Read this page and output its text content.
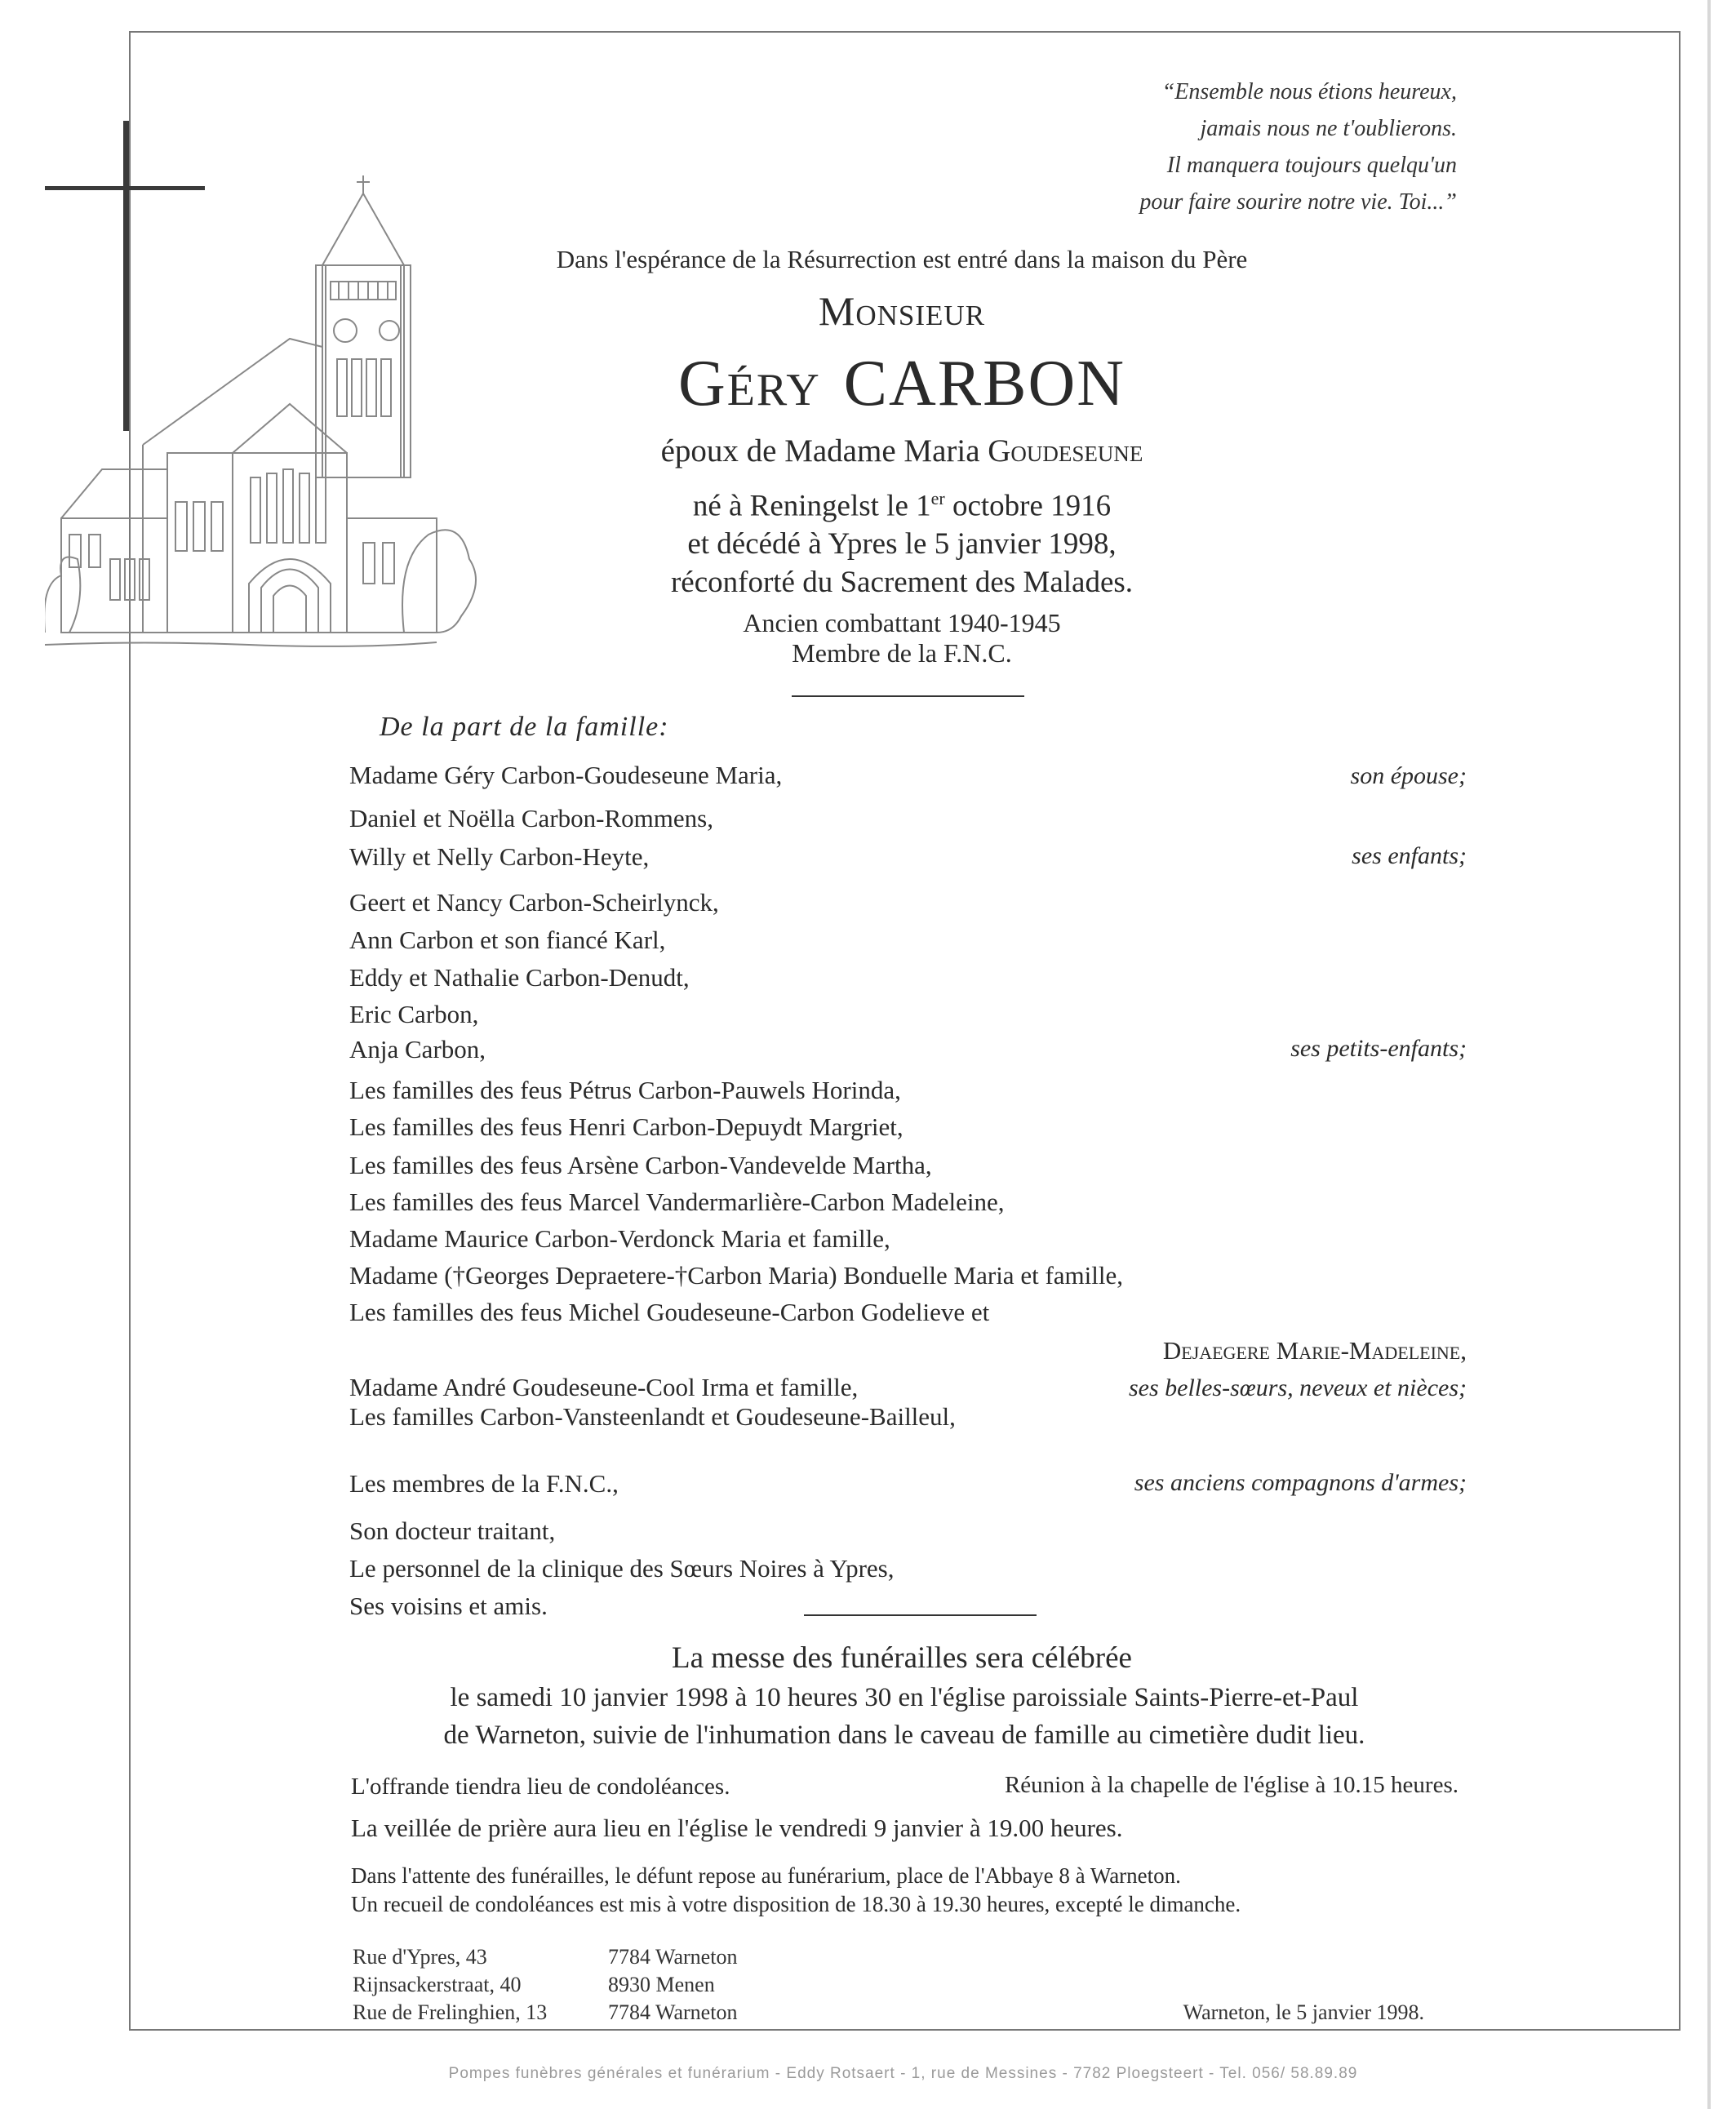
“Ensemble nous étions heureux,
jamais nous ne t'oublierons.
Il manquera toujours quelqu'un
pour faire sourire notre vie. Toi...”
Dans l'espérance de la Résurrection est entré dans la maison du Père
Monsieur
Géry CARBON
époux de Madame Maria Goudeseune
né à Reningelst le 1er octobre 1916
et décédé à Ypres le 5 janvier 1998,
réconforté du Sacrement des Malades.
Ancien combattant 1940-1945
Membre de la F.N.C.
De la part de la famille:
Madame Géry Carbon-Goudeseune Maria,	son épouse;
Daniel et Noëlla Carbon-Rommens,
Willy et Nelly Carbon-Heyte,	ses enfants;
Geert et Nancy Carbon-Scheirlynck,
Ann Carbon et son fiancé Karl,
Eddy et Nathalie Carbon-Denudt,
Eric Carbon,
Anja Carbon,	ses petits-enfants;
Les familles des feus Pétrus Carbon-Pauwels Horinda,
Les familles des feus Henri Carbon-Depuydt Margriet,
Les familles des feus Arsène Carbon-Vandevelde Martha,
Les familles des feus Marcel Vandermarlière-Carbon Madeleine,
Madame Maurice Carbon-Verdonck Maria et famille,
Madame (†Georges Depraetere-†Carbon Maria) Bonduelle Maria et famille,
Les familles des feus Michel Goudeseune-Carbon Godelieve et
Dejaegere Marie-Madeleine,
Madame André Goudeseune-Cool Irma et famille,	ses belles-sœurs, neveux et nièces;
Les familles Carbon-Vansteenlandt et Goudeseune-Bailleul,
Les membres de la F.N.C.,	ses anciens compagnons d'armes;
Son docteur traitant,
Le personnel de la clinique des Sœurs Noires à Ypres,
Ses voisins et amis.
La messe des funérailles sera célébrée
le samedi 10 janvier 1998 à 10 heures 30 en l'église paroissiale Saints-Pierre-et-Paul
de Warneton, suivie de l'inhumation dans le caveau de famille au cimetière dudit lieu.
L'offrande tiendra lieu de condoléances.	Réunion à la chapelle de l'église à 10.15 heures.
La veillée de prière aura lieu en l'église le vendredi 9 janvier à 19.00 heures.
Dans l'attente des funérailles, le défunt repose au funérarium, place de l'Abbaye 8 à Warneton.
Un recueil de condoléances est mis à votre disposition de 18.30 à 19.30 heures, excepté le dimanche.
Rue d'Ypres, 43	7784 Warneton
Rijnsackerstraat, 40	8930 Menen
Rue de Frelinghien, 13	7784 Warneton	Warneton, le 5 janvier 1998.
Pompes funèbres générales et funérarium - Eddy Rotsaert - 1, rue de Messines - 7782 Ploegsteert - Tel. 056/ 58.89.89
